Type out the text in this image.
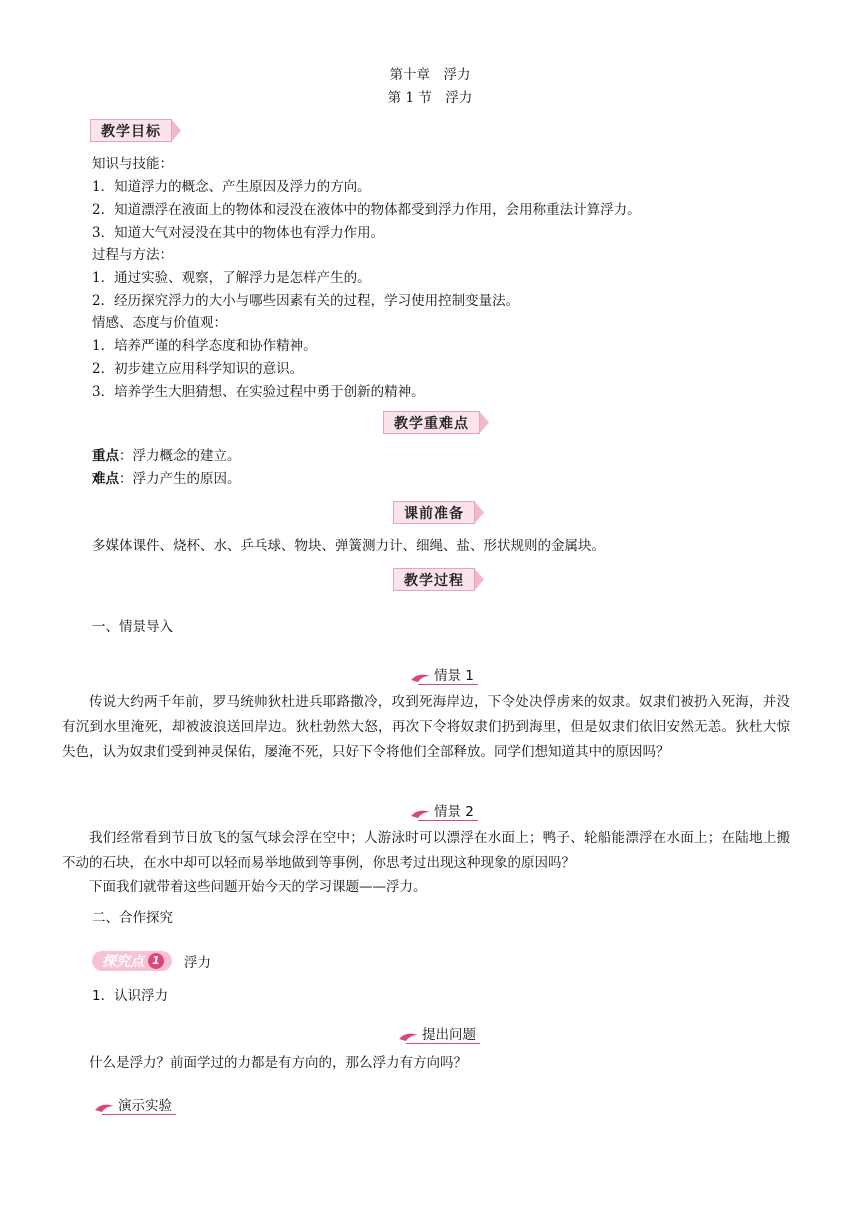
第十章　浮力
第 1 节　浮力
教学目标
知识与技能：
1．知道浮力的概念、产生原因及浮力的方向。
2．知道漂浮在液面上的物体和浸没在液体中的物体都受到浮力作用，会用称重法计算浮力。
3．知道大气对浸没在其中的物体也有浮力作用。
过程与方法：
1．通过实验、观察，了解浮力是怎样产生的。
2．经历探究浮力的大小与哪些因素有关的过程，学习使用控制变量法。
情感、态度与价值观：
1．培养严谨的科学态度和协作精神。
2．初步建立应用科学知识的意识。
3．培养学生大胆猜想、在实验过程中勇于创新的精神。
教学重难点
重点：浮力概念的建立。
难点：浮力产生的原因。
课前准备
多媒体课件、烧杯、水、乒乓球、物块、弹簧测力计、细绳、盐、形状规则的金属块。
教学过程
一、情景导入
情景 1
传说大约两千年前，罗马统帅狄杜进兵耶路撒冷，攻到死海岸边，下令处决俘虏来的奴隶。奴隶们被扔入死海，并没有沉到水里淹死，却被波浪送回岸边。狄杜勃然大怒，再次下令将奴隶们扔到海里，但是奴隶们依旧安然无恙。狄杜大惊失色，认为奴隶们受到神灵保佑，屡淹不死，只好下令将他们全部释放。同学们想知道其中的原因吗？
情景 2
我们经常看到节日放飞的氢气球会浮在空中；人游泳时可以漂浮在水面上；鸭子、轮船能漂浮在水面上；在陆地上搬不动的石块，在水中却可以轻而易举地做到等事例，你思考过出现这种现象的原因吗？
下面我们就带着这些问题开始今天的学习课题——浮力。
二、合作探究
探究点 1	浮力
1．认识浮力
提出问题
什么是浮力？前面学过的力都是有方向的，那么浮力有方向吗？
演示实验
